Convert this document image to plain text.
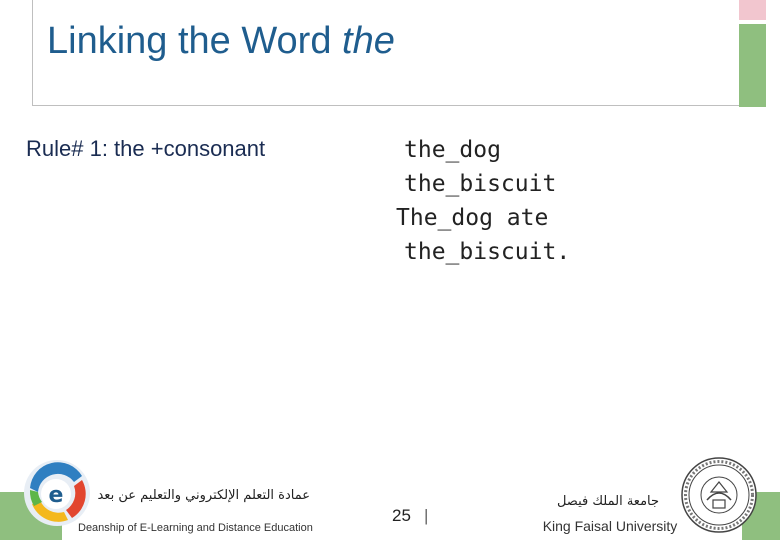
Linking the Word the
Rule# 1: the +consonant	the_dog
the_biscuit
The_dog ate
the_biscuit.
عمادة التعلم الإلكتروني والتعليم عن بعد
Deanship of E-Learning and Distance Education
25 |
جامعة الملك فيصل
King Faisal University
e
